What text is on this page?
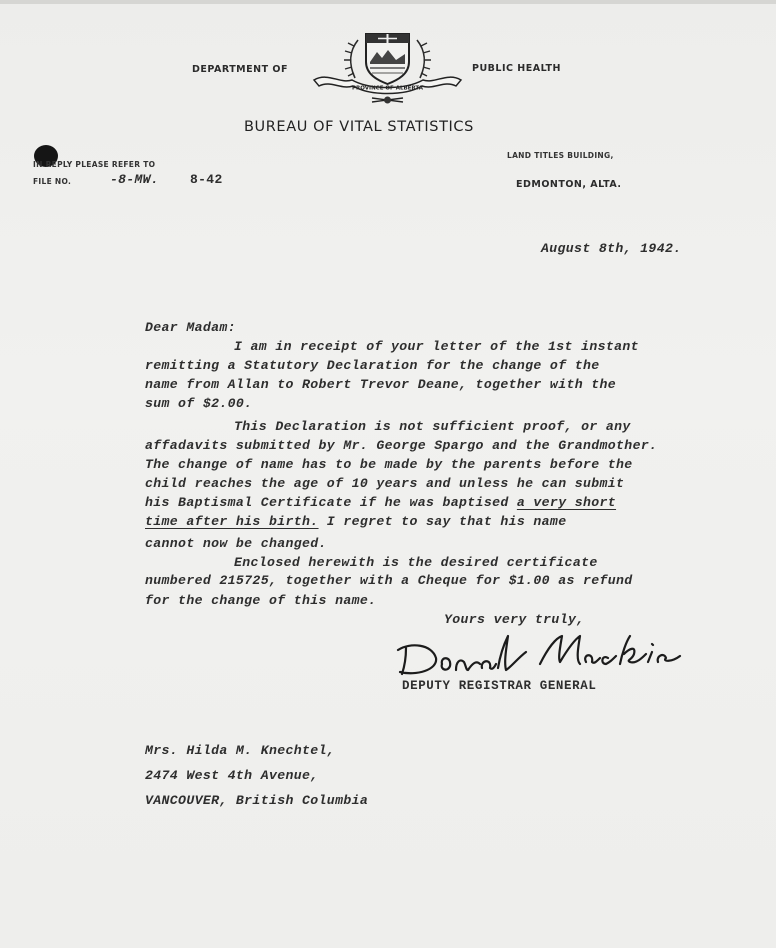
DEPARTMENT OF	PUBLIC HEALTH
PROVINCE OF ALBERTA
BUREAU OF VITAL STATISTICS
IN REPLY PLEASE REFER TO
FILE NO.	-8-MW. 8-42
LAND TITLES BUILDING,
EDMONTON, ALTA.
August 8th, 1942.
Dear Madam:
I am in receipt of your letter of the 1st instant
remitting a Statutory Declaration for the change of the
name from Allan to Robert Trevor Deane, together with the
sum of $2.00.
This Declaration is not sufficient proof, or any
affadavits submitted by Mr. George Spargo and the Grandmother.
The change of name has to be made by the parents before the
child reaches the age of 10 years and unless he can submit
his Baptismal Certificate if he was baptised a very short
time after his birth. I regret to say that his name
cannot now be changed.
Enclosed herewith is the desired certificate
numbered 215725, together with a Cheque for $1.00 as refund
for the change of this name.
Yours very truly,
Donald Mackie
DEPUTY REGISTRAR GENERAL
Mrs. Hilda M. Knechtel,
2474 West 4th Avenue,
VANCOUVER, British Columbia
